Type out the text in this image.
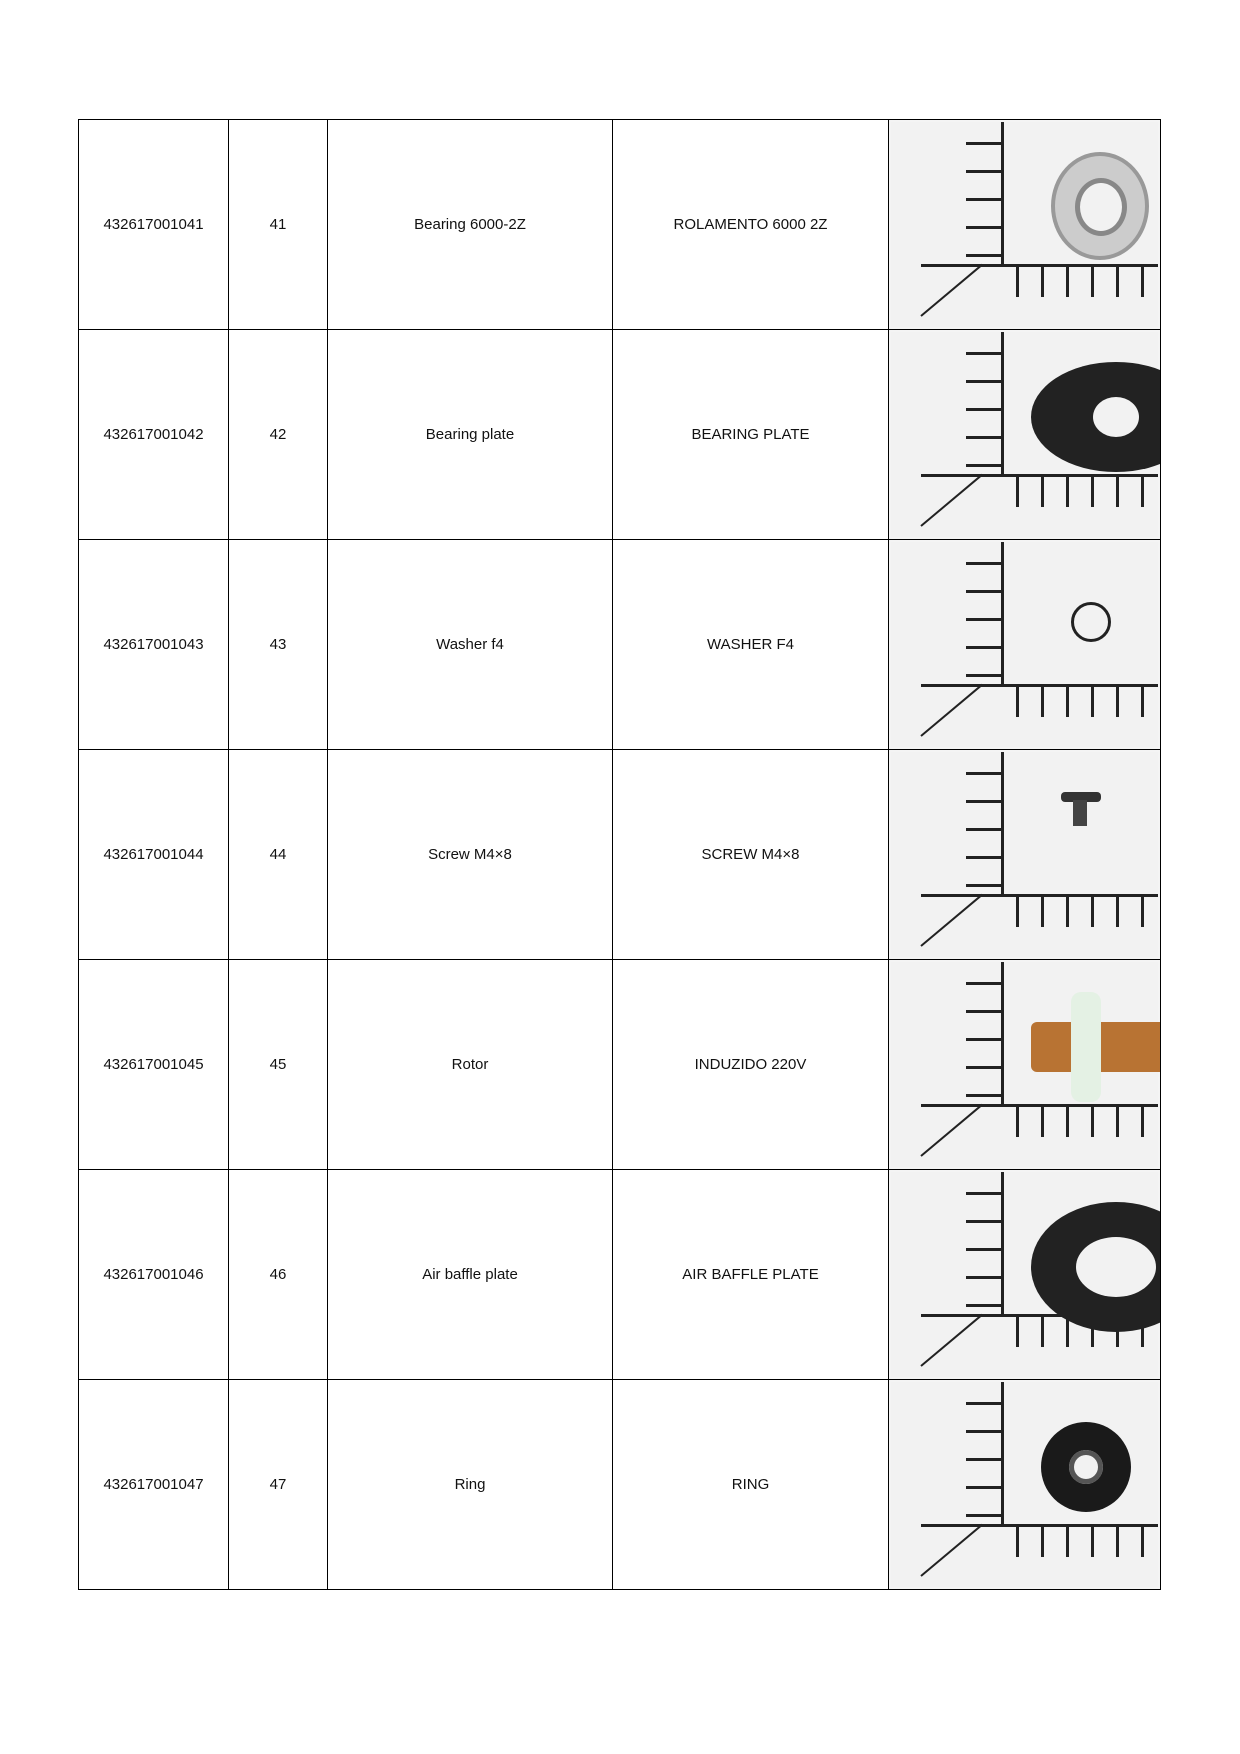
432617001041	41	Bearing 6000-2Z	ROLAMENTO 6000 2Z	

432617001042	42	Bearing plate	BEARING PLATE	

432617001043	43	Washer f4	WASHER F4	

432617001044	44	Screw M4×8	SCREW M4×8	

432617001045	45	Rotor	INDUZIDO 220V	

432617001046	46	Air baffle plate	AIR BAFFLE PLATE	

432617001047	47	Ring	RING	
